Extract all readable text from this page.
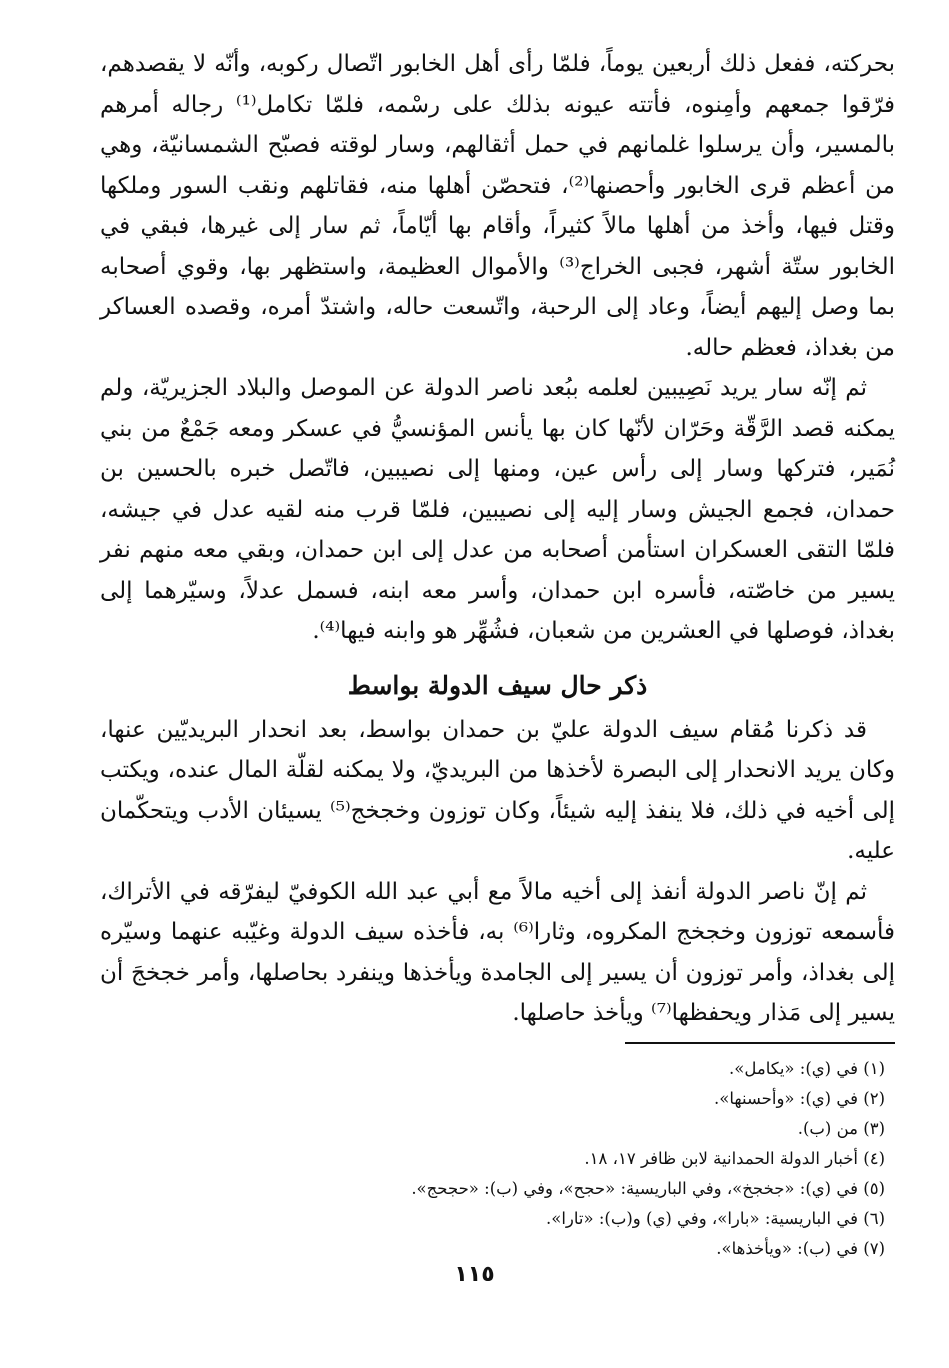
بحركته، ففعل ذلك أربعين يوماً، فلمّا رأى أهل الخابور اتّصال ركوبه، وأنّه لا يقصدهم، فرّقوا جمعهم وأمِنوه، فأتته عيونه بذلك على رسْمه، فلمّا تكامل⁽¹⁾ رجاله أمرهم بالمسير، وأن يرسلوا غلمانهم في حمل أثقالهم، وسار لوقته فصبّح الشمسانيّة، وهي من أعظم قرى الخابور وأحصنها⁽²⁾، فتحصّن أهلها منه، فقاتلهم ونقب السور وملكها وقتل فيها، وأخذ من أهلها مالاً كثيراً، وأقام بها أيّاماً، ثم سار إلى غيرها، فبقي في الخابور ستّة أشهر، فجبى الخراج⁽³⁾ والأموال العظيمة، واستظهر بها، وقوي أصحابه بما وصل إليهم أيضاً، وعاد إلى الرحبة، واتّسعت حاله، واشتدّ أمره، وقصده العساكر من بغداذ، فعظم حاله.

ثم إنّه سار يريد نَصِيبين لعلمه ببُعد ناصر الدولة عن الموصل والبلاد الجزيريّة، ولم يمكنه قصد الرَّقّة وحَرّان لأنّها كان بها يأنس المؤنسيُّ في عسكر ومعه جَمْعٌ من بني نُمَير، فتركها وسار إلى رأس عين، ومنها إلى نصيبين، فاتّصل خبره بالحسين بن حمدان، فجمع الجيش وسار إليه إلى نصيبين، فلمّا قرب منه لقيه عدل في جيشه، فلمّا التقى العسكران استأمن أصحابه من عدل إلى ابن حمدان، وبقي معه منهم نفر يسير من خاصّته، فأسره ابن حمدان، وأسر معه ابنه، فسمل عدلاً، وسيّرهما إلى بغداذ، فوصلها في العشرين من شعبان، فشُهِّر هو وابنه فيها⁽⁴⁾.

ذكر حال سيف الدولة بواسط

قد ذكرنا مُقام سيف الدولة عليّ بن حمدان بواسط، بعد انحدار البريديّين عنها، وكان يريد الانحدار إلى البصرة لأخذها من البريديّ، ولا يمكنه لقلّة المال عنده، ويكتب إلى أخيه في ذلك، فلا ينفذ إليه شيئاً، وكان توزون وخجخج⁽⁵⁾ يسيئان الأدب ويتحكّمان عليه.

ثم إنّ ناصر الدولة أنفذ إلى أخيه مالاً مع أبي عبد الله الكوفيّ ليفرّقه في الأتراك، فأسمعه توزون وخجخج المكروه، وثارا⁽⁶⁾ به، فأخذه سيف الدولة وغيّبه عنهما وسيّره إلى بغداذ، وأمر توزون أن يسير إلى الجامدة ويأخذها وينفرد بحاصلها، وأمر خجخجَ أن يسير إلى مَذار ويحفظها⁽⁷⁾ ويأخذ حاصلها.

(١) في (ي): «يكامل».
(٢) في (ي): «وأحسنها».
(٣) من (ب).
(٤) أخبار الدولة الحمدانية لابن ظافر ١٧، ١٨.
(٥) في (ي): «جخجخ»، وفي الباريسية: «حجح»، وفي (ب): «حجحج».
(٦) في الباريسية: «بارا»، وفي (ي) و(ب): «تارا».
(٧) في (ب): «ويأخذها».
١١٥
